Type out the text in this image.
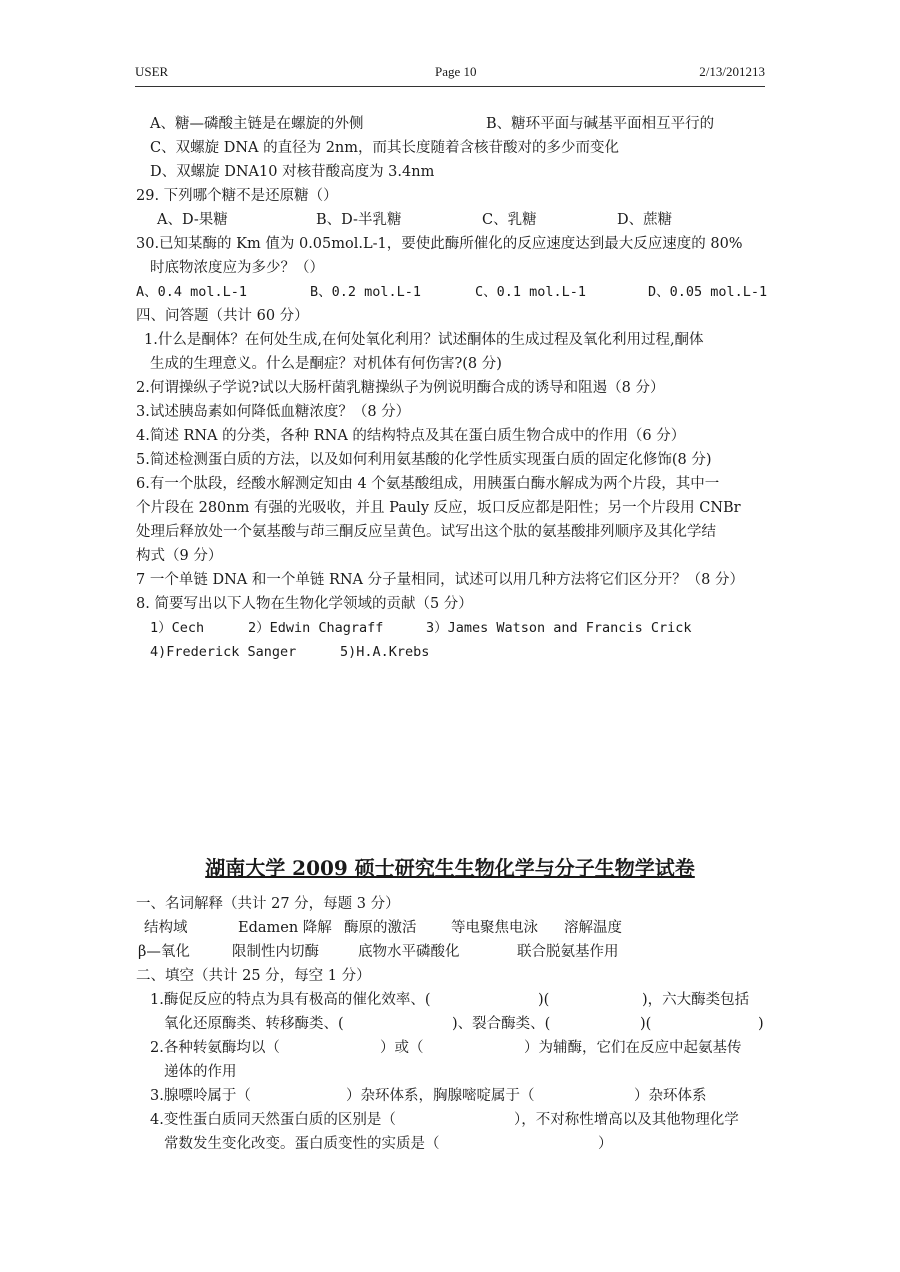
USER	Page 10	2/13/201213
A、糖—磷酸主链是在螺旋的外侧	B、糖环平面与碱基平面相互平行的
C、双螺旋 DNA 的直径为 2nm，而其长度随着含核苷酸对的多少而变化
D、双螺旋 DNA10 对核苷酸高度为 3.4nm
29. 下列哪个糖不是还原糖（）
A、D-果糖	B、D-半乳糖	C、乳糖	D、蔗糖
30.已知某酶的 Km 值为 0.05mol.L-1，要使此酶所催化的反应速度达到最大反应速度的 80%
时底物浓度应为多少？（）
A、0.4 mol.L-1	B、0.2 mol.L-1	C、0.1 mol.L-1	D、0.05 mol.L-1
四、问答题（共计 60 分）
1.什么是酮体？在何处生成,在何处氧化利用？试述酮体的生成过程及氧化利用过程,酮体
生成的生理意义。什么是酮症？对机体有何伤害?(8 分)
2.何谓操纵子学说?试以大肠杆菌乳糖操纵子为例说明酶合成的诱导和阻遏（8 分）
3.试述胰岛素如何降低血糖浓度？（8 分）
4.简述 RNA 的分类，各种 RNA 的结构特点及其在蛋白质生物合成中的作用（6 分）
5.简述检测蛋白质的方法，以及如何利用氨基酸的化学性质实现蛋白质的固定化修饰(8 分)
6.有一个肽段，经酸水解测定知由 4 个氨基酸组成，用胰蛋白酶水解成为两个片段，其中一
个片段在 280nm 有强的光吸收，并且 Pauly 反应，坂口反应都是阳性；另一个片段用 CNBr
处理后释放处一个氨基酸与茚三酮反应呈黄色。试写出这个肽的氨基酸排列顺序及其化学结
构式（9 分）
7 一个单链 DNA 和一个单链 RNA 分子量相同，试述可以用几种方法将它们区分开？（8 分）
8. 简要写出以下人物在生物化学领域的贡献（5 分）
1）Cech	2）Edwin Chagraff	3）James Watson and Francis Crick
4)Frederick Sanger	5)H.A.Krebs
湖南大学 2009 硕士研究生生物化学与分子生物学试卷
一、名词解释（共计 27 分，每题 3 分）
结构域	Edamen 降解 酶原的激活 等电聚焦电泳 溶解温度
β—氧化	限制性内切酶	底物水平磷酸化	联合脱氨基作用
二、填空（共计 25 分，每空 1 分）
1.酶促反应的特点为具有极高的催化效率、(	)(	)，六大酶类包括
氧化还原酶类、转移酶类、(	)、裂合酶类、(	)(	)
2.各种转氨酶均以（	）或（	）为辅酶，它们在反应中起氨基传
递体的作用
3.腺嘌呤属于（	）杂环体系，胸腺嘧啶属于（	）杂环体系
4.变性蛋白质同天然蛋白质的区别是（	），不对称性增高以及其他物理化学
常数发生变化改变。蛋白质变性的实质是（	）
